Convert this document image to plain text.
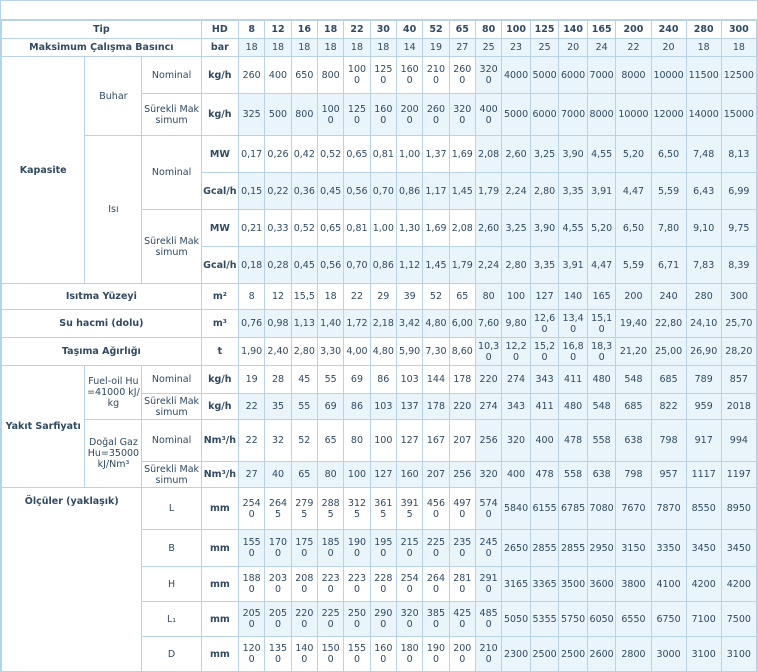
Tip			HD	8	12	16	18	22	30	40	52	65	80	100	125	140	165	200	240	280	300
Maksimum Çalışma Basıncı			bar	18	18	18	18	18	18	14	19	27	25	23	25	20	24	22	20	18	18
Kapasite	Buhar	Nominal	kg/h	260	400	650	800	1000	1250	1600	2100	2600	3200	4000	5000	6000	7000	8000	10000	11500	12500
		Sürekli Maksimum	kg/h	325	500	800	1000	1250	1600	2000	2600	3200	4000	5000	6000	7000	8000	10000	12000	14000	15000
	Isı	Nominal	MW	0,17	0,26	0,42	0,52	0,65	0,81	1,00	1,37	1,69	2,08	2,60	3,25	3,90	4,55	5,20	6,50	7,48	8,13
			Gcal/h	0,15	0,22	0,36	0,45	0,56	0,70	0,86	1,17	1,45	1,79	2,24	2,80	3,35	3,91	4,47	5,59	6,43	6,99
		Sürekli Maksimum	MW	0,21	0,33	0,52	0,65	0,81	1,00	1,30	1,69	2,08	2,60	3,25	3,90	4,55	5,20	6,50	7,80	9,10	9,75
			Gcal/h	0,18	0,28	0,45	0,56	0,70	0,86	1,12	1,45	1,79	2,24	2,80	3,35	3,91	4,47	5,59	6,71	7,83	8,39
Isıtma Yüzeyi			m²	8	12	15,5	18	22	29	39	52	65	80	100	127	140	165	200	240	280	300
Su hacmi (dolu)			m³	0,76	0,98	1,13	1,40	1,72	2,18	3,42	4,80	6,00	7,60	9,80	12,60	13,40	15,10	19,40	22,80	24,10	25,70
Taşıma Ağırlığı			t	1,90	2,40	2,80	3,30	4,00	4,80	5,90	7,30	8,60	10,30	12,20	15,20	16,80	18,30	21,20	25,00	26,90	28,20
Yakıt Sarfiyatı	Fuel-oil Hu=41000 kJ/kg	Nominal	kg/h	19	28	45	55	69	86	103	144	178	220	274	343	411	480	548	685	789	857
		Sürekli Maksimum	kg/h	22	35	55	69	86	103	137	178	220	274	343	411	480	548	685	822	959	2018
	Doğal Gaz Hu=35000 kJ/Nm³	Nominal	Nm³/h	22	32	52	65	80	100	127	167	207	256	320	400	478	558	638	798	917	994
		Sürekli Maksimum	Nm³/h	27	40	65	80	100	127	160	207	256	320	400	478	558	638	798	957	1117	1197
Ölçüler (yaklaşık)		L	mm	2540	2645	2795	2885	3125	3615	3915	4560	4970	5740	5840	6155	6785	7080	7670	7870	8550	8950
		B	mm	1550	1700	1750	1850	1900	1950	2150	2250	2350	2450	2650	2855	2855	2950	3150	3350	3450	3450
		H	mm	1880	2030	2080	2230	2230	2280	2540	2640	2810	2910	3165	3365	3500	3600	3800	4100	4200	4200
		L₁	mm	2050	2050	2200	2250	2500	2900	3200	3850	4250	4850	5050	5355	5750	6050	6550	6750	7100	7500
		D	mm	1200	1350	1400	1500	1550	1600	1800	1900	2000	2100	2300	2500	2500	2600	2800	3000	3100	3100
